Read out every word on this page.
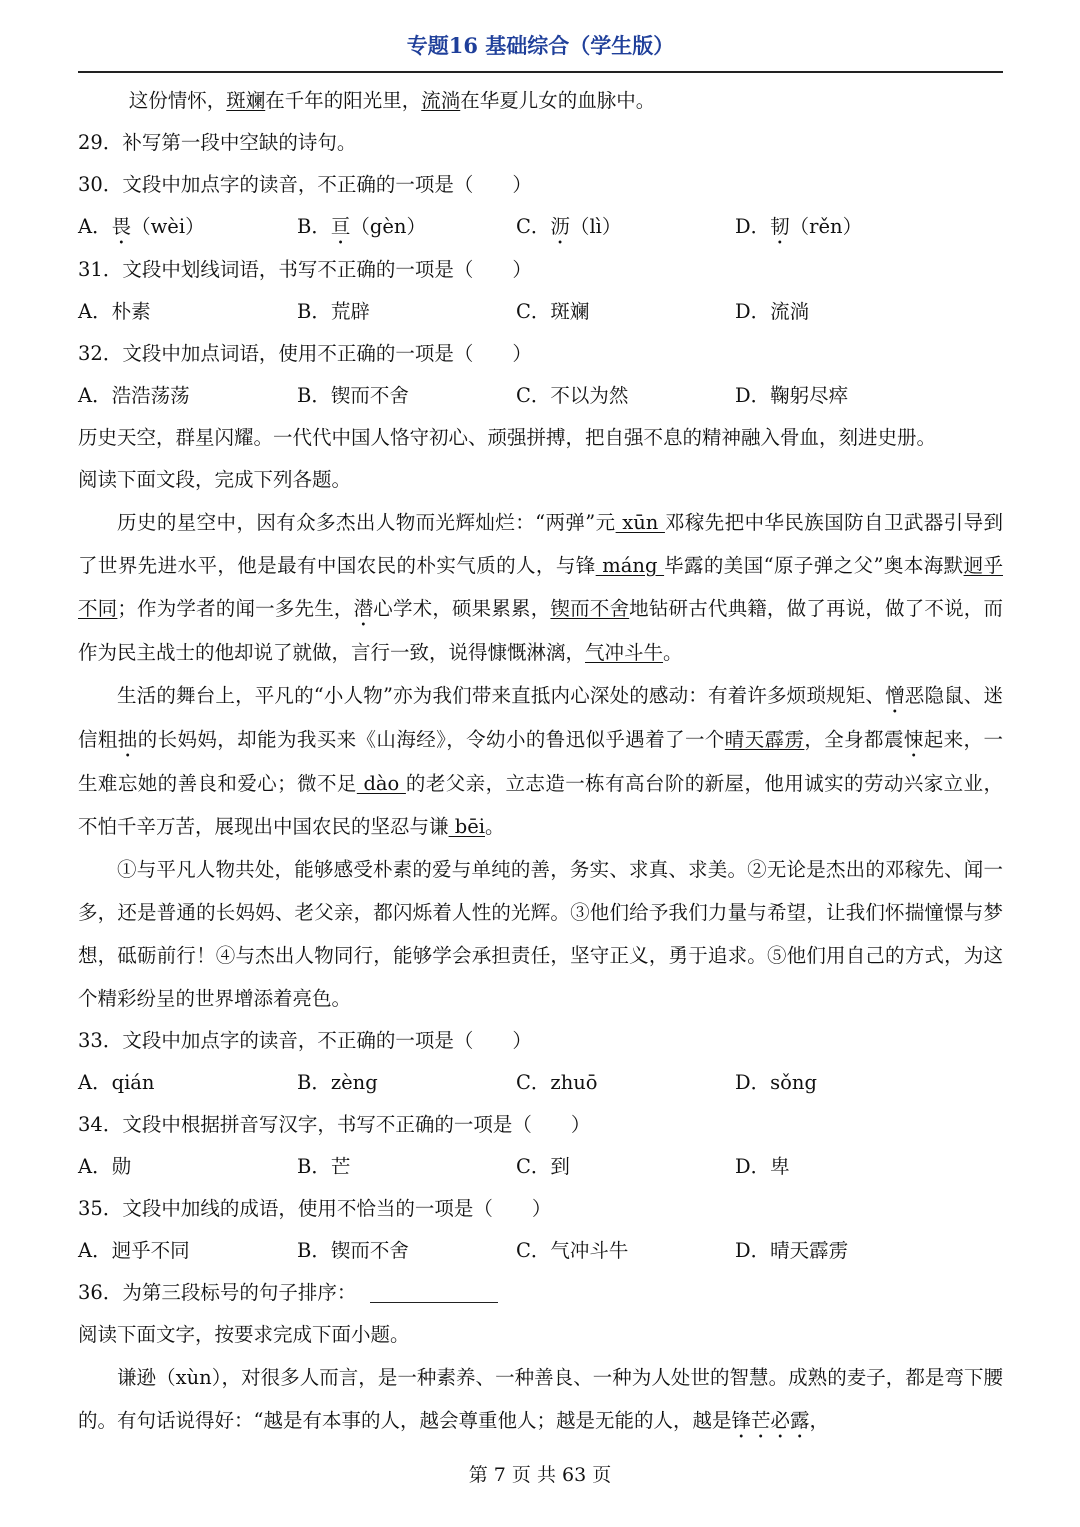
专题16 基础综合（学生版）
这份情怀，斑斓在千年的阳光里，流淌在华夏儿女的血脉中。
29．补写第一段中空缺的诗句。
30．文段中加点字的读音，不正确的一项是（　　）
A．畏（wèi）	B．亘（gèn）	C．沥（lì）	D．韧（rěn）
31．文段中划线词语，书写不正确的一项是（　　）
A．朴素	B．荒辟	C．斑斓	D．流淌
32．文段中加点词语，使用不正确的一项是（　　）
A．浩浩荡荡	B．锲而不舍	C．不以为然	D．鞠躬尽瘁
历史天空，群星闪耀。一代代中国人恪守初心、顽强拼搏，把自强不息的精神融入骨血，刻进史册。
阅读下面文段，完成下列各题。
历史的星空中，因有众多杰出人物而光辉灿烂：“两弹”元 xūn 邓稼先把中华民族国防自卫武器引导到了世界先进水平，他是最有中国农民的朴实气质的人，与锋 máng 毕露的美国“原子弹之父”奥本海默迥乎不同；作为学者的闻一多先生，潜心学术，硕果累累，锲而不舍地钻研古代典籍，做了再说，做了不说，而作为民主战士的他却说了就做，言行一致，说得慷慨淋漓，气冲斗牛。
生活的舞台上，平凡的“小人物”亦为我们带来直抵内心深处的感动：有着许多烦琐规矩、憎恶隐鼠、迷信粗拙的长妈妈，却能为我买来《山海经》，令幼小的鲁迅似乎遇着了一个晴天霹雳，全身都震悚起来，一生难忘她的善良和爱心；微不足 dào 的老父亲，立志造一栋有高台阶的新屋，他用诚实的劳动兴家立业，不怕千辛万苦，展现出中国农民的坚忍与谦 bēi。
①与平凡人物共处，能够感受朴素的爱与单纯的善，务实、求真、求美。②无论是杰出的邓稼先、闻一多，还是普通的长妈妈、老父亲，都闪烁着人性的光辉。③他们给予我们力量与希望，让我们怀揣憧憬与梦想，砥砺前行！④与杰出人物同行，能够学会承担责任，坚守正义，勇于追求。⑤他们用自己的方式，为这个精彩纷呈的世界增添着亮色。
33．文段中加点字的读音，不正确的一项是（　　）
A．qián	B．zèng	C．zhuō	D．sǒng
34．文段中根据拼音写汉字，书写不正确的一项是（　　）
A．勋	B．芒	C．到	D．卑
35．文段中加线的成语，使用不恰当的一项是（　　）
A．迥乎不同	B．锲而不舍	C．气冲斗牛	D．晴天霹雳
36．为第三段标号的句子排序：
阅读下面文字，按要求完成下面小题。
谦逊（xùn），对很多人而言，是一种素养、一种善良、一种为人处世的智慧。成熟的麦子，都是弯下腰的。有句话说得好：“越是有本事的人，越会尊重他人；越是无能的人，越是锋芒必露，
第 7 页 共 63 页
